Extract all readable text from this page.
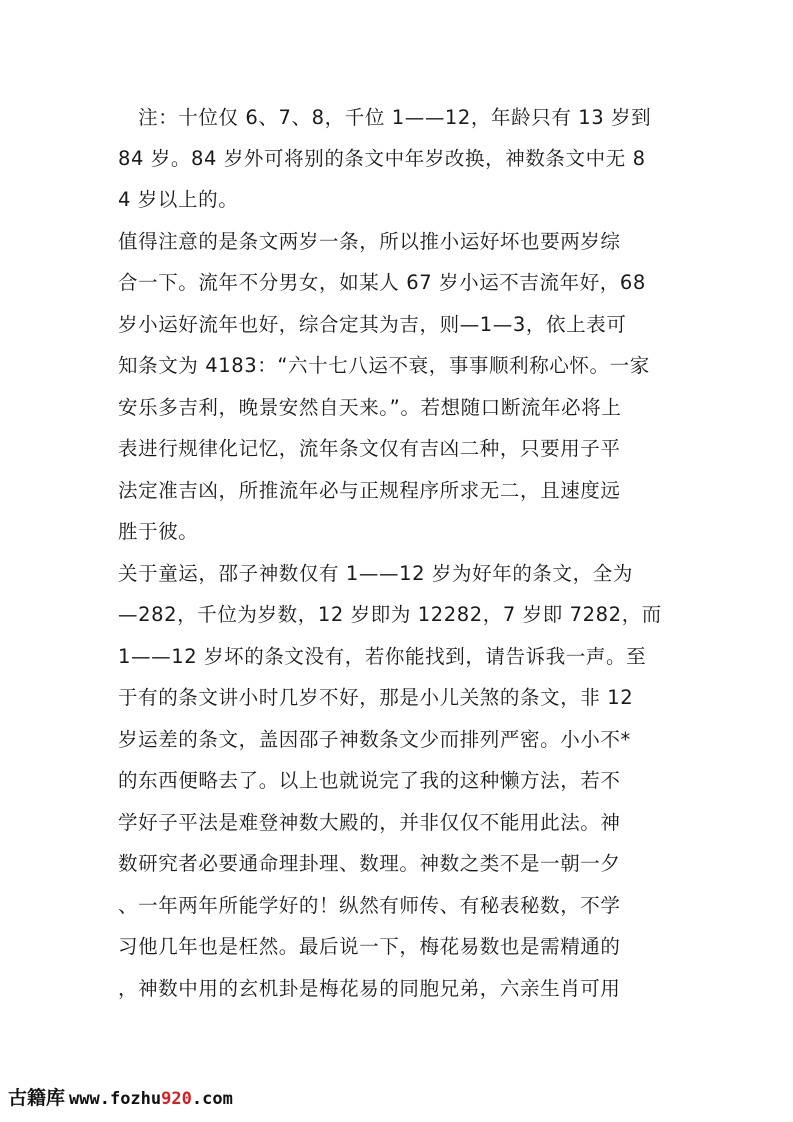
　注：十位仅 6、7、8，千位 1——12，年龄只有 13 岁到
84 岁。84 岁外可将别的条文中年岁改换，神数条文中无 8
4 岁以上的。
值得注意的是条文两岁一条，所以推小运好坏也要两岁综
合一下。流年不分男女，如某人 67 岁小运不吉流年好，68
岁小运好流年也好，综合定其为吉，则—1—3，依上表可
知条文为 4183：“六十七八运不衰，事事顺利称心怀。一家
安乐多吉利，晚景安然自天来。”。若想随口断流年必将上
表进行规律化记忆，流年条文仅有吉凶二种，只要用子平
法定准吉凶，所推流年必与正规程序所求无二，且速度远
胜于彼。
关于童运，邵子神数仅有 1——12 岁为好年的条文，全为
—282，千位为岁数，12 岁即为 12282，7 岁即 7282，而
1——12 岁坏的条文没有，若你能找到，请告诉我一声。至
于有的条文讲小时几岁不好，那是小儿关煞的条文，非 12
岁运差的条文，盖因邵子神数条文少而排列严密。小小不*
的东西便略去了。以上也就说完了我的这种懒方法，若不
学好子平法是难登神数大殿的，并非仅仅不能用此法。神
数研究者必要通命理卦理、数理。神数之类不是一朝一夕
、一年两年所能学好的！纵然有师传、有秘表秘数，不学
习他几年也是枉然。最后说一下，梅花易数也是需精通的
，神数中用的玄机卦是梅花易的同胞兄弟，六亲生肖可用
古籍库 www.fozhu920.com
